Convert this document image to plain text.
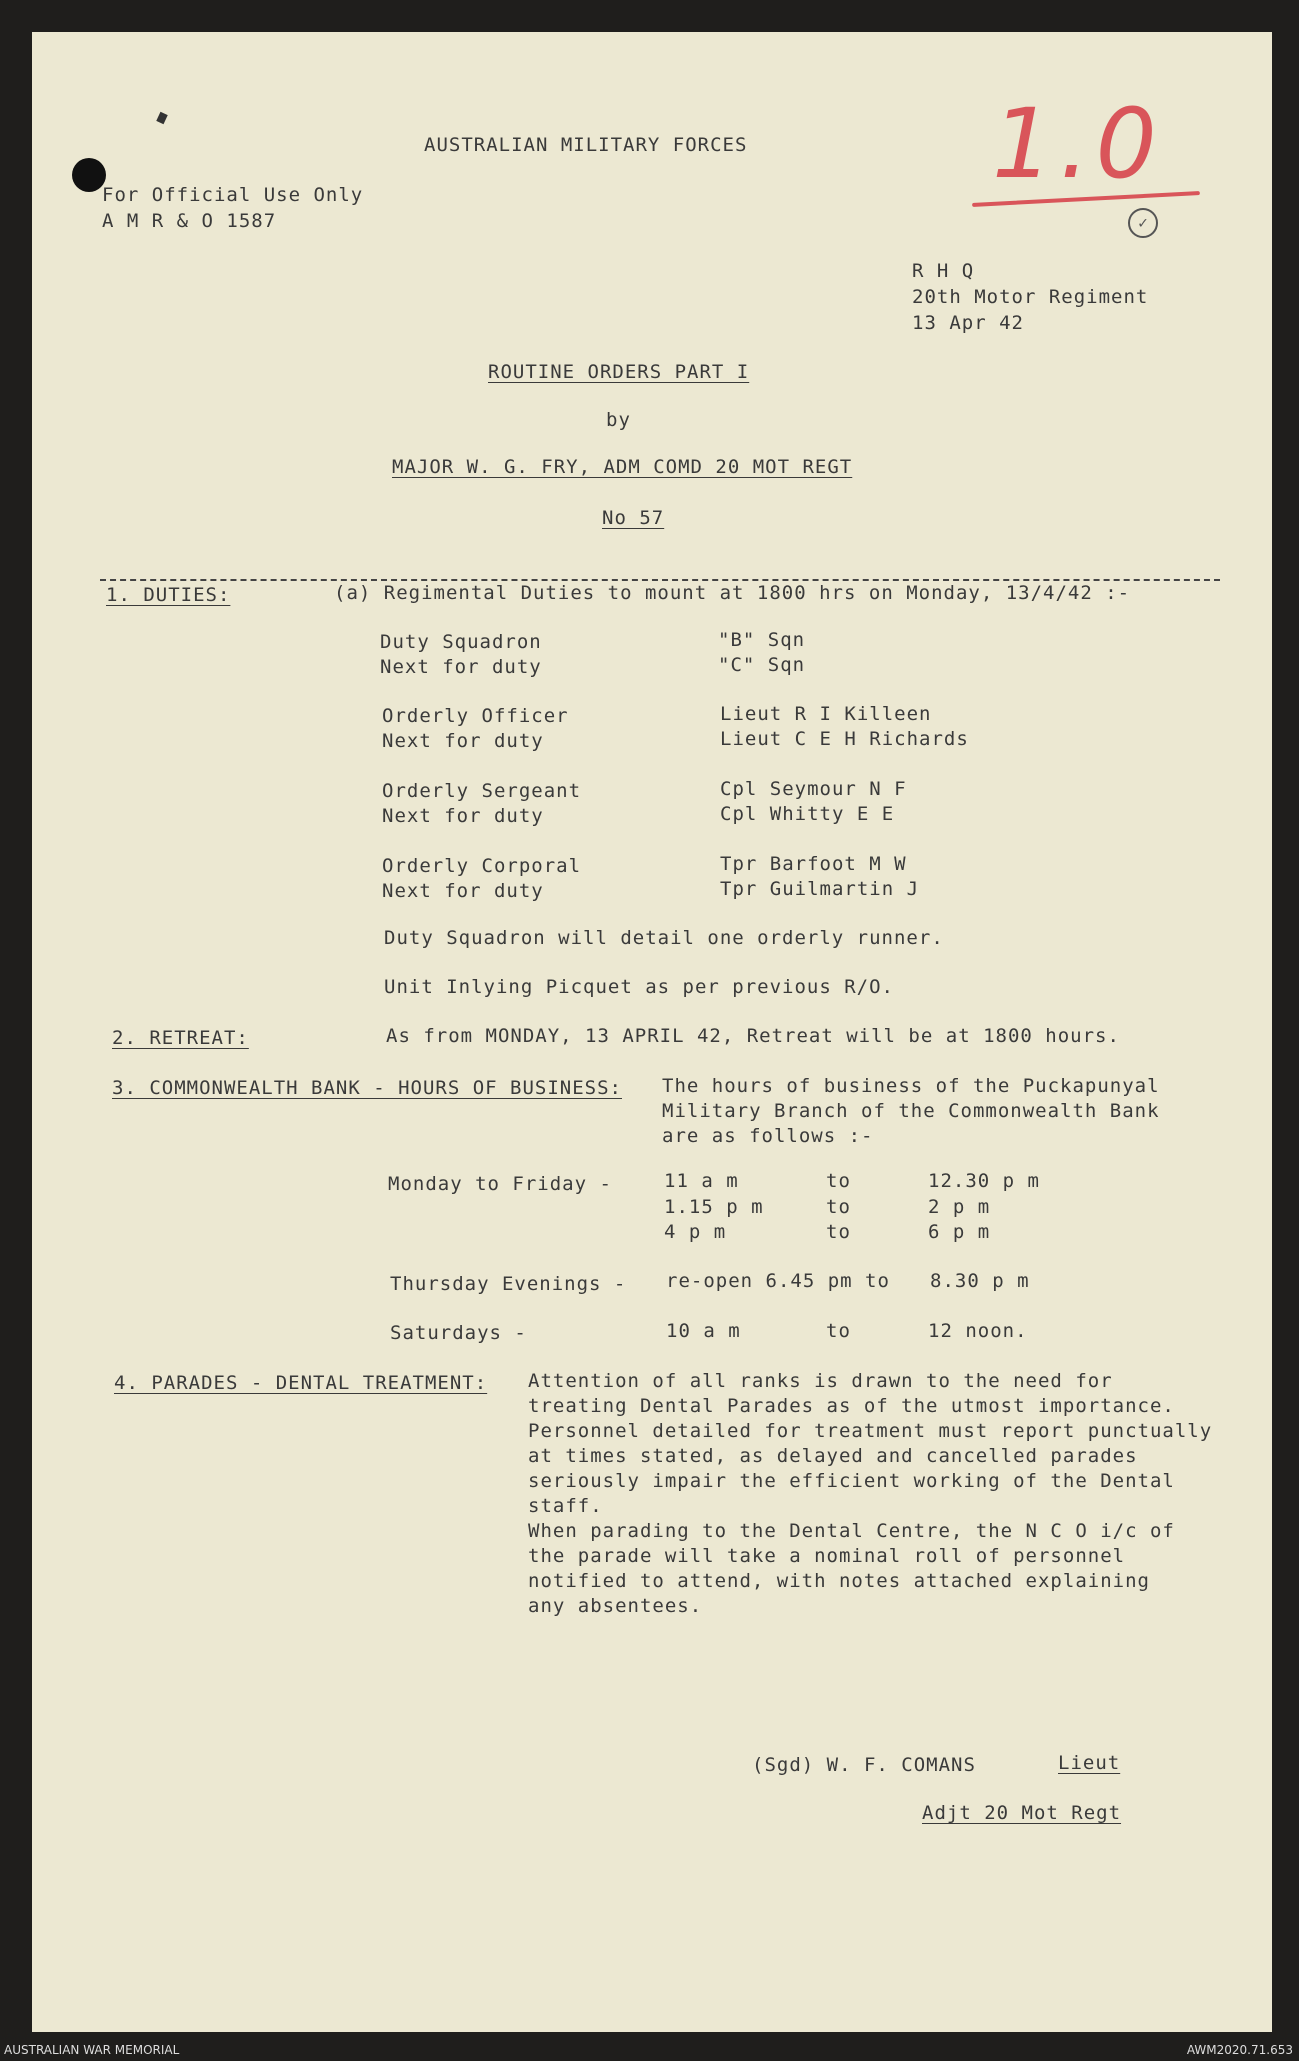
AUSTRALIAN MILITARY FORCES
For Official Use Only
A M R & O 1587
1.0
✓
R H Q
20th Motor Regiment
13 Apr 42
ROUTINE ORDERS PART I
by
MAJOR W. G. FRY, ADM COMD 20 MOT REGT
No 57
1. DUTIES:	(a) Regimental Duties to mount at 1800 hrs on Monday, 13/4/42 :-
Duty Squadron	"B" Sqn
Next for duty	"C" Sqn
Orderly Officer	Lieut R I Killeen
Next for duty	Lieut C E H Richards
Orderly Sergeant	Cpl Seymour N F
Next for duty	Cpl Whitty E E
Orderly Corporal	Tpr Barfoot M W
Next for duty	Tpr Guilmartin J
Duty Squadron will detail one orderly runner.
Unit Inlying Picquet as per previous R/O.
2. RETREAT:	As from MONDAY, 13 APRIL 42, Retreat will be at 1800 hours.
3. COMMONWEALTH BANK - HOURS OF BUSINESS: The hours of business of the Puckapunyal
Military Branch of the Commonwealth Bank
are as follows :-
Monday to Friday -	11 a m	to	12.30 p m
1.15 p m	to	2 p m
4 p m	to	6 p m
Thursday Evenings - re-open 6.45 pm to 8.30 p m
Saturdays -	10 a m	to	12 noon.
4. PARADES - DENTAL TREATMENT: Attention of all ranks is drawn to the need for
treating Dental Parades as of the utmost importance.
Personnel detailed for treatment must report punctually
at times stated, as delayed and cancelled parades
seriously impair the efficient working of the Dental
staff.
When parading to the Dental Centre, the N C O i/c of
the parade will take a nominal roll of personnel
notified to attend, with notes attached explaining
any absentees.
(Sgd) W. F. COMANS	Lieut
Adjt 20 Mot Regt
AUSTRALIAN WAR MEMORIAL	AWM2020.71.653
